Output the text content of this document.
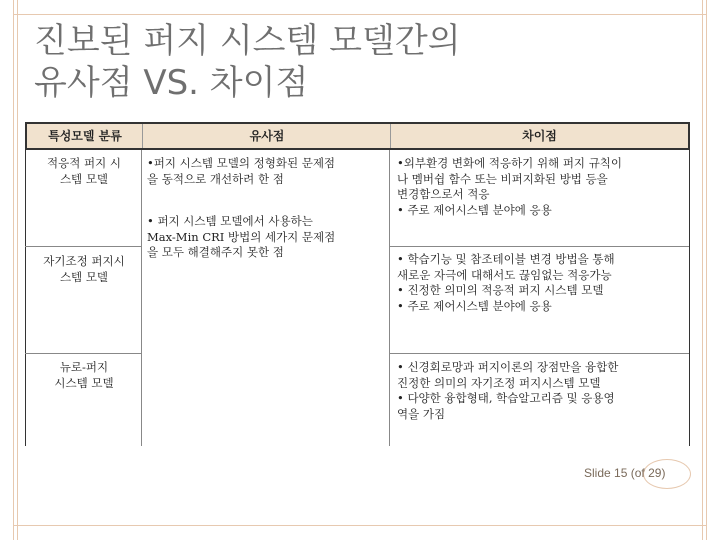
진보된 퍼지 시스템 모델간의
유사점 VS. 차이점
특성모델 분류	유사점	차이점
적응적 퍼지 시
스템 모델
•퍼지 시스템 모델의 정형화된 문제점
을 동적으로 개선하려 한 점
•외부환경 변화에 적응하기 위해 퍼지 규칙이
나 멤버쉽 함수 또는 비퍼지화된 방법 등을
변경함으로서 적응
• 주로 제어시스템 분야에 응용
• 퍼지 시스템 모델에서 사용하는
Max-Min CRI 방법의 세가지 문제점
을 모두 해결해주지 못한 점
자기조정 퍼지시
스템 모델
• 학습기능 및 참조테이블 변경 방법을 통해
새로운 자극에 대해서도 끊임없는 적응가능
• 진정한 의미의 적응적 퍼지 시스템 모델
• 주로 제어시스템 분야에 응용
뉴로-퍼지
시스템 모델
• 신경회로망과 퍼지이론의 장점만을 융합한
진정한 의미의 자기조정 퍼지시스템 모델
• 다양한 융합형태, 학습알고리즘 및 응용영
역을 가짐
Slide 15 (of 29)
